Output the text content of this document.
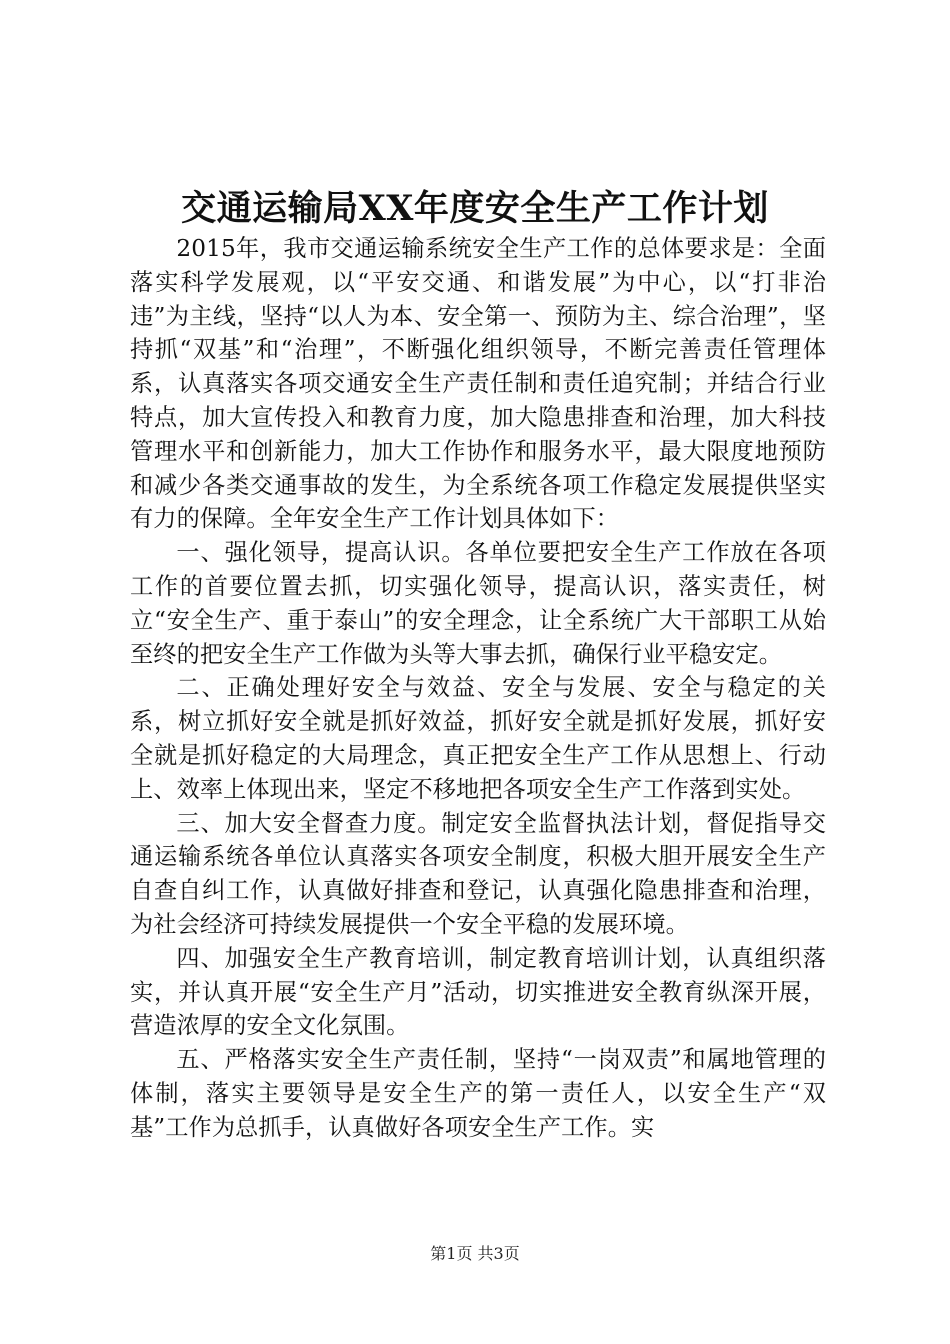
交通运输局XX年度安全生产工作计划

2015年，我市交通运输系统安全生产工作的总体要求是：全面落实科学发展观，以“平安交通、和谐发展”为中心，以“打非治违”为主线，坚持“以人为本、安全第一、预防为主、综合治理”，坚持抓“双基”和“治理”，不断强化组织领导，不断完善责任管理体系，认真落实各项交通安全生产责任制和责任追究制；并结合行业特点，加大宣传投入和教育力度，加大隐患排查和治理，加大科技管理水平和创新能力，加大工作协作和服务水平，最大限度地预防和减少各类交通事故的发生，为全系统各项工作稳定发展提供坚实有力的保障。全年安全生产工作计划具体如下：

一、强化领导，提高认识。各单位要把安全生产工作放在各项工作的首要位置去抓，切实强化领导，提高认识，落实责任，树立“安全生产、重于泰山”的安全理念，让全系统广大干部职工从始至终的把安全生产工作做为头等大事去抓，确保行业平稳安定。

二、正确处理好安全与效益、安全与发展、安全与稳定的关系，树立抓好安全就是抓好效益，抓好安全就是抓好发展，抓好安全就是抓好稳定的大局理念，真正把安全生产工作从思想上、行动上、效率上体现出来，坚定不移地把各项安全生产工作落到实处。

三、加大安全督查力度。制定安全监督执法计划，督促指导交通运输系统各单位认真落实各项安全制度，积极大胆开展安全生产自查自纠工作，认真做好排查和登记，认真强化隐患排查和治理，为社会经济可持续发展提供一个安全平稳的发展环境。

四、加强安全生产教育培训，制定教育培训计划，认真组织落实，并认真开展“安全生产月”活动，切实推进安全教育纵深开展，营造浓厚的安全文化氛围。

五、严格落实安全生产责任制，坚持“一岗双责”和属地管理的体制，落实主要领导是安全生产的第一责任人，以安全生产“双基”工作为总抓手，认真做好各项安全生产工作。实

第1页 共3页
